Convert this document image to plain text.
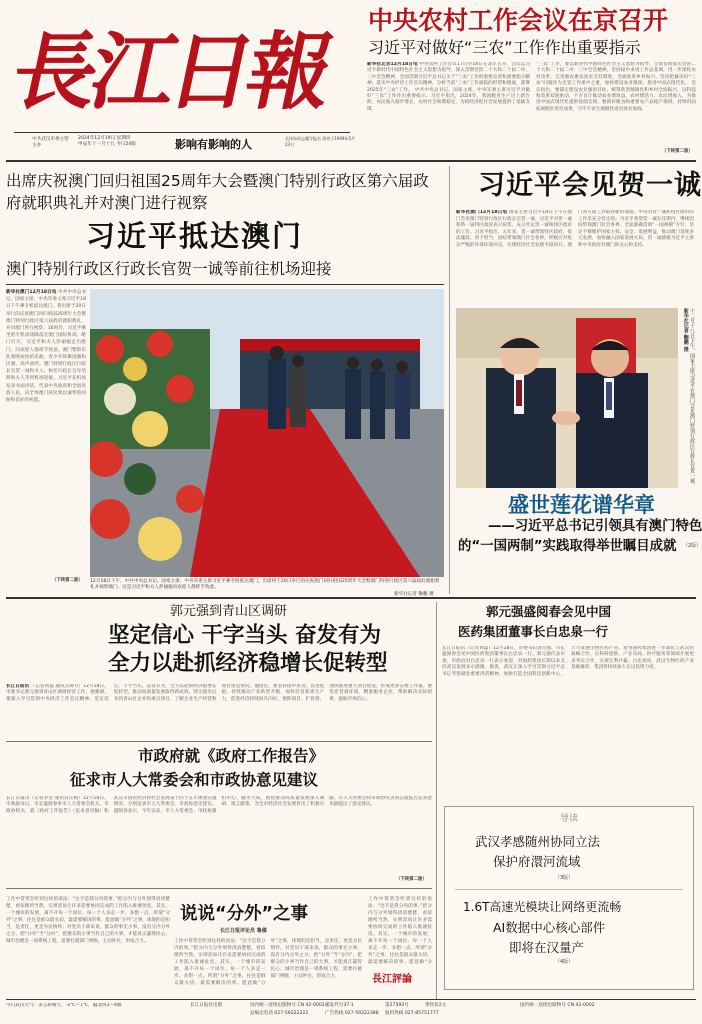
長江日報
中共武汉市委主管主办
2024年12月19日 星期四
甲辰年十一月十九 今日24版	影响有影响的人	毛泽东同志题写报名 创刊于1949年5月23日
中央农村工作会议在京召开
习近平对做好“三农”工作作出重要指示
新华社北京12月18日电 中央农村工作会议17日至18日在北京召开。会议以习近平新时代中国特色社会主义思想为指导，深入贯彻党的二十大和二十届二中、三中全会精神，全面贯彻习近平总书记关于“三农”工作的重要论述和重要指示精神，落实中央经济工作会议精神，分析当前“三农”工作面临的形势和挑战，部署2025年“三农”工作。 中共中央总书记、国家主席、中央军委主席习近平对做好“三农”工作作出重要指示。习近平指出，2024年，我国粮食生产迈上新台阶，农民收入稳步增长，农村社会和谐稳定，为稳经济促社会发展提供了基础支撑。
“三农”工作，要以新时代中国特色社会主义思想为指导，全面贯彻落实党的二十大和二十届二中、三中全会精神，坚持稳中求进工作总基调，进一步深化农村改革，完善强农惠农富农支持制度，全面推进乡村振兴。坚持把解决好“三农”问题作为全党工作重中之重，加快建设农业强国，推进中国式现代化。 会议指出，要锚定建设农业强国目标，统筹新型城镇化和乡村全面振兴，以科技和改革双轮驱动，千方百计推动农业增效益、农村增活力、农民增收入，为推进中国式现代化提供基础支撑。要抓好粮食和重要农产品稳产保供，持续巩固拓展脱贫攻坚成果，守牢不发生规模性返贫致贫底线。
（下转第二版）
出席庆祝澳门回归祖国25周年大会暨澳门特别行政区第六届政府就职典礼并对澳门进行视察
习近平抵达澳门
澳门特别行政区行政长官贺一诚等前往机场迎接
新华社澳门12月18日电 中共中央总书记、国家主席、中央军委主席习近平18日下午乘专机抵达澳门，将出席于20日举行的庆祝澳门回归祖国25周年大会暨澳门特别行政区第六届政府就职典礼，并对澳门进行视察。16时许，习近平乘坐的专机徐徐降落在澳门国际机场。舱门打开，习近平和夫人彭丽媛走出舱门，向欢迎人群挥手致意。澳门警察乐队奏响欢快的乐曲，青少年挥舞国旗和区旗，高声欢呼。澳门特别行政区行政长官贺一诚和夫人、候任行政长官岑浩辉和夫人等到机场迎接。习近平在机场发表书面讲话，代表中央政府和全国各族人民，向全体澳门居民致以诚挚的问候和良好的祝愿。
（下转第二版） 12月18日下午，中共中央总书记、国家主席、中央军委主席习近平乘专机抵达澳门，出席将于20日举行的庆祝澳门回归祖国25周年大会暨澳门特别行政区第六届政府就职典礼并视察澳门。这是习近平和夫人彭丽媛向欢迎人群挥手致意。
新华社记者 鞠鹏 摄
习近平会见贺一诚
新华社澳门12月18日电 国家主席习近平18日下午在澳门会见澳门特别行政区行政长官贺一诚。习近平对贺一诚和新一届特区政府表示祝贺，充分肯定贺一诚和特区政府的工作。习近平指出，五年来，贺一诚带领特区政府，依法施政、勇于担当，团结带领澳门社会各界，积极应对复杂严峻的外部环境冲击，实现经济社会发展平稳回升。澳门各方面工作取得新的成绩。中央对贺一诚和特区政府的工作是充分肯定的。习近平希望贺一诚在任期内，继续团结带领澳门社会各界，全面准确贯彻“一国两制”方针，坚定不移维护国家主权、安全、发展利益，推动澳门适度多元发展，加快融入国家发展大局。贺一诚感谢习近平主席和中央政府对澳门的关心和支持。
十二月十八日下午，国家主席习近平在澳门会见澳门特别行政区行政长官贺一诚。 新华社记者 鞠鹏 摄
盛世莲花谱华章
——习近平总书记引领具有澳门特色
的“一国两制”实践取得举世瞩目成就 （2版）
郭元强到青山区调研
坚定信心 干字当头 奋发有为
全力以赴抓经济稳增长促转型
长江日报讯 （记者黄磊 通讯员谭力）12月18日，市委书记郭元强到青山区调研经济工作。他强调，要深入学习贯彻中央经济工作会议精神，坚定信心、干字当头、奋发有为，全力以赴抓经济稳增长促转型，推动高质量发展取得新成效。郭元强先后来到青山区企业和重点项目，了解企业生产经营和项目建设情况。他指出，要坚持稳中求进、以进促稳，持续推动产业转型升级，加快培育新质生产力，促进经济持续回升向好。要抓项目、扩投资，加快推进重大项目建设，形成更多实物工作量。要优化营商环境，精准服务企业，帮助解决实际困难，提振市场信心。
市政府就《政府工作报告》
征求市人大常委会和市政协意见建议
长江日报讯（记者李金 通讯员汪祯）12月18日，市委副书记、市长盛阅春率市人大常委会机关、市政协机关，就《政府工作报告》（征求意见稿）和武汉市国民经济和社会发展第十四个五年规划实施情况，分别征求市人大常委会、市政协意见建议。盛阅春表示，今年以来，市人大常委会、市政协紧扣中心、服务大局，围绕推动高质量发展深入调研、建言献策，为全市经济社会发展作出了积极贡献。市人大常委会和市政协负责同志就报告征求意见稿提出了意见建议。
（下转第二版）
郭元强盛阅春会见中国
医药集团董事长白忠泉一行
长江日报讯（记者黄磊）12月18日，市委书记郭元强、市长盛阅春会见中国医药集团董事长白忠泉一行。郭元强代表市委、市政府对白忠泉一行表示欢迎，对国药集团长期以来支持武汉发展表示感谢。他说，武汉正深入学习贯彻习近平总书记考察湖北重要讲话精神，加快打造全国科技创新中心，大力发展生物医药产业。希望国药集团进一步深化与武汉的战略合作，在科研创新、产业布局、医疗服务等领域开展更多务实合作，实现互利共赢。白忠泉说，武汉生物医药产业基础雄厚，集团将持续加大在汉投资力度。
导读
武汉孝感随州协同立法
保护府澴河流域
（3版）
1.6T高速光模块让网络更流畅
AI数据中心核心部件
即将在汉量产
（4版）
说说“分外”之事
长江日报评论员 鲁穆
工作中常常会听到这样的说法：“这不是我分内的事。”把分内与分外划得清清楚楚，看似理所当然，实则容易让许多需要协同完成的工作陷入推诿扯皮。其实，一个城市的发展，离不开每一个岗位、每一个人多走一步、多想一点。所谓“分外”之事，往往是群众最关切、最需要解决的事。愿意做“分外”之事，体现的是担当，是责任，更是为民情怀。对党员干部来说，群众的事无小事，没有分内分外之分。把“分外”当“分内”，把群众的小事当作自己的大事，才能真正赢得民心。城市治理是一项系统工程，需要打破部门界限，主动补位，形成合力。	工作中常常会听到这样的说法：“这不是我分内的事。”把分内与分外划得清清楚楚，看似理所当然，实则容易让许多需要协同完成的工作陷入推诿扯皮。其实，一个城市的发展，离不开每一个岗位、每一个人多走一步、多想一点。所谓“分外”之事，往往是群众最关切、最需要解决的事。愿意做“分外”之事，体现的是担当，是责任，更是为民情怀。对党员干部来说，群众的事无小事，没有分内分外之分。把“分外”当“分内”，把群众的小事当作自己的大事，才能真正赢得民心。城市治理是一项系统工程，需要打破部门界限，主动补位，形成合力。
工作中常常会听到这样的说法：“这不是我分内的事。”把分内与分外划得清清楚楚，看似理所当然，实则容易让许多需要协同完成的工作陷入推诿扯皮。其实，一个城市的发展，离不开每一个岗位、每一个人多走一步、多想一点。所谓“分外”之事，往往是群众最关切、最需要解决的事。愿意做“分
長江評論
今日武汉天气：多云转晴天，-2℃～7℃，偏北风3～4级	长江日报社出版	国内统一连续出版物号 CN 42-0002 邮发代号37-1	第27593号	零售价2元
总编室电话 027-59222222	广告热线 027-59222388 报料热线 027-85751777
国内统一连续出版物号 CN 42-0002
